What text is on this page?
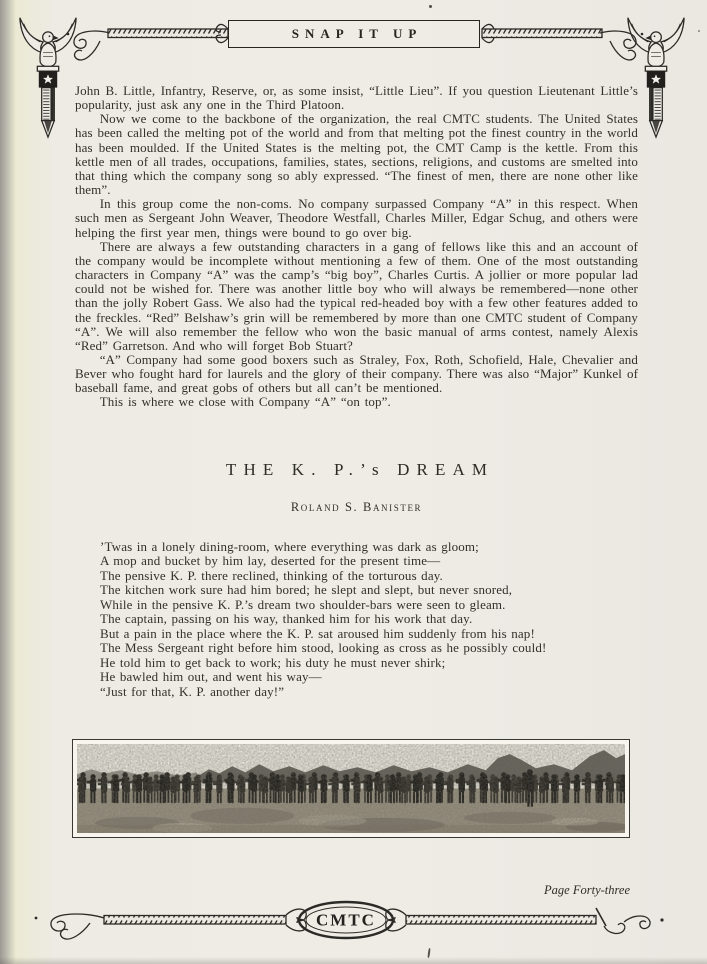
SNAP IT UP

John B. Little, Infantry, Reserve, or, as some insist, “Little Lieu”. If you question Lieutenant Little’s popularity, just ask any one in the Third Platoon.

Now we come to the backbone of the organization, the real CMTC students. The United States has been called the melting pot of the world and from that melting pot the finest country in the world has been moulded. If the United States is the melting pot, the CMT Camp is the kettle. From this kettle men of all trades, occupations, families, states, sections, religions, and customs are smelted into that thing which the company song so ably expressed. “The finest of men, there are none other like them”.

In this group come the non-coms. No company surpassed Company “A” in this respect. When such men as Sergeant John Weaver, Theodore Westfall, Charles Miller, Edgar Schug, and others were helping the first year men, things were bound to go over big.

There are always a few outstanding characters in a gang of fellows like this and an account of the company would be incomplete without mentioning a few of them. One of the most outstanding characters in Company “A” was the camp’s “big boy”, Charles Curtis. A jollier or more popular lad could not be wished for. There was another little boy who will always be remembered—none other than the jolly Robert Gass. We also had the typical red-headed boy with a few other features added to the freckles. “Red” Belshaw’s grin will be remembered by more than one CMTC student of Company “A”. We will also remember the fellow who won the basic manual of arms contest, namely Alexis “Red” Garretson. And who will forget Bob Stuart?

“A” Company had some good boxers such as Straley, Fox, Roth, Schofield, Hale, Chevalier and Bever who fought hard for laurels and the glory of their company. There was also “Major” Kunkel of baseball fame, and great gobs of others but all can’t be mentioned.

This is where we close with Company “A” “on top”.

THE K. P.’s DREAM
Roland S. Banister
’Twas in a lonely dining-room, where everything was dark as gloom;
A mop and bucket by him lay, deserted for the present time—
The pensive K. P. there reclined, thinking of the torturous day.
The kitchen work sure had him bored; he slept and slept, but never snored,
While in the pensive K. P.’s dream two shoulder-bars were seen to gleam.
The captain, passing on his way, thanked him for his work that day.
But a pain in the place where the K. P. sat aroused him suddenly from his nap!
The Mess Sergeant right before him stood, looking as cross as he possibly could!
He told him to get back to work; his duty he must never shirk;
He bawled him out, and went his way—
“Just for that, K. P. another day!”
Page Forty-three
CMTC
